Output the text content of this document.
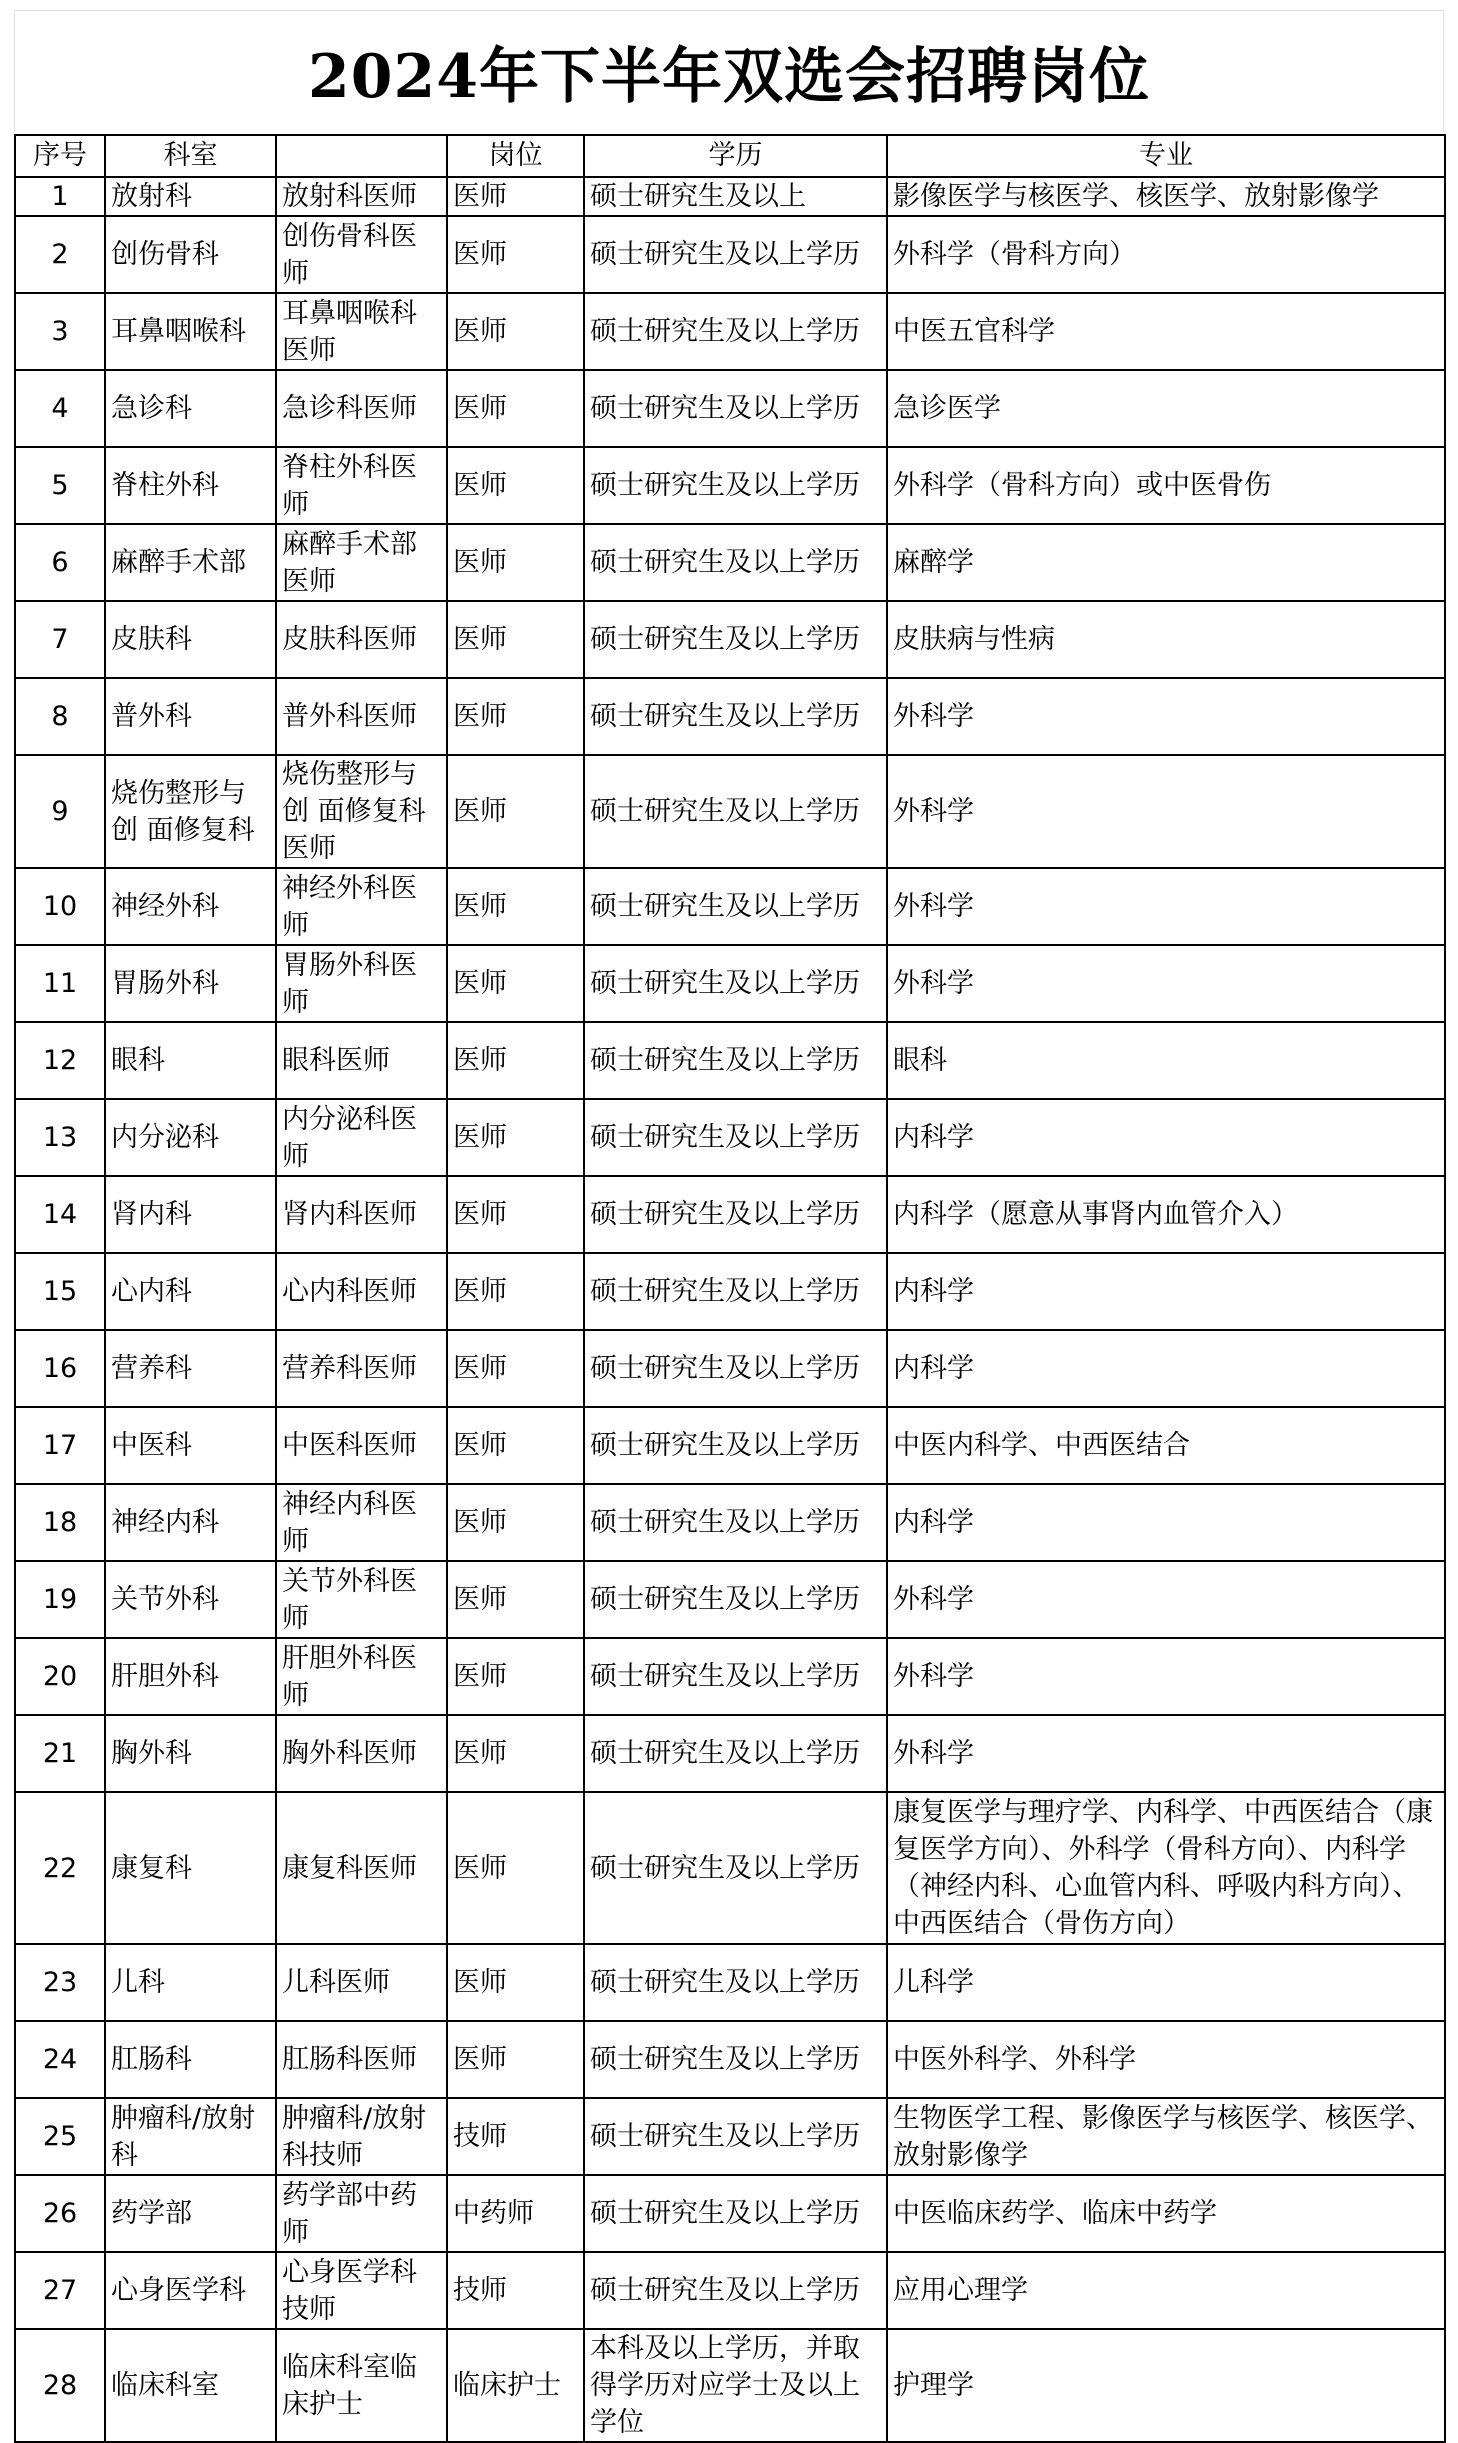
2024年下半年双选会招聘岗位
序号	科室		岗位	学历	专业
1	放射科	放射科医师	医师	硕士研究生及以上	影像医学与核医学、核医学、放射影像学
2	创伤骨科	创伤骨科医师	医师	硕士研究生及以上学历	外科学（骨科方向）
3	耳鼻咽喉科	耳鼻咽喉科医师	医师	硕士研究生及以上学历	中医五官科学
4	急诊科	急诊科医师	医师	硕士研究生及以上学历	急诊医学
5	脊柱外科	脊柱外科医师	医师	硕士研究生及以上学历	外科学（骨科方向）或中医骨伤
6	麻醉手术部	麻醉手术部医师	医师	硕士研究生及以上学历	麻醉学
7	皮肤科	皮肤科医师	医师	硕士研究生及以上学历	皮肤病与性病
8	普外科	普外科医师	医师	硕士研究生及以上学历	外科学
9	烧伤整形与创 面修复科	烧伤整形与创 面修复科医师	医师	硕士研究生及以上学历	外科学
10	神经外科	神经外科医师	医师	硕士研究生及以上学历	外科学
11	胃肠外科	胃肠外科医师	医师	硕士研究生及以上学历	外科学
12	眼科	眼科医师	医师	硕士研究生及以上学历	眼科
13	内分泌科	内分泌科医师	医师	硕士研究生及以上学历	内科学
14	肾内科	肾内科医师	医师	硕士研究生及以上学历	内科学（愿意从事肾内血管介入）
15	心内科	心内科医师	医师	硕士研究生及以上学历	内科学
16	营养科	营养科医师	医师	硕士研究生及以上学历	内科学
17	中医科	中医科医师	医师	硕士研究生及以上学历	中医内科学、中西医结合
18	神经内科	神经内科医师	医师	硕士研究生及以上学历	内科学
19	关节外科	关节外科医师	医师	硕士研究生及以上学历	外科学
20	肝胆外科	肝胆外科医师	医师	硕士研究生及以上学历	外科学
21	胸外科	胸外科医师	医师	硕士研究生及以上学历	外科学
22	康复科	康复科医师	医师	硕士研究生及以上学历	康复医学与理疗学、内科学、中西医结合（康复医学方向）、外科学（骨科方向）、内科学（神经内科、心血管内科、呼吸内科方向）、中西医结合（骨伤方向）
23	儿科	儿科医师	医师	硕士研究生及以上学历	儿科学
24	肛肠科	肛肠科医师	医师	硕士研究生及以上学历	中医外科学、外科学
25	肿瘤科/放射科	肿瘤科/放射科技师	技师	硕士研究生及以上学历	生物医学工程、影像医学与核医学、核医学、放射影像学
26	药学部	药学部中药师	中药师	硕士研究生及以上学历	中医临床药学、临床中药学
27	心身医学科	心身医学科技师	技师	硕士研究生及以上学历	应用心理学
28	临床科室	临床科室临床护士	临床护士	本科及以上学历，并取得学历对应学士及以上学位	护理学
